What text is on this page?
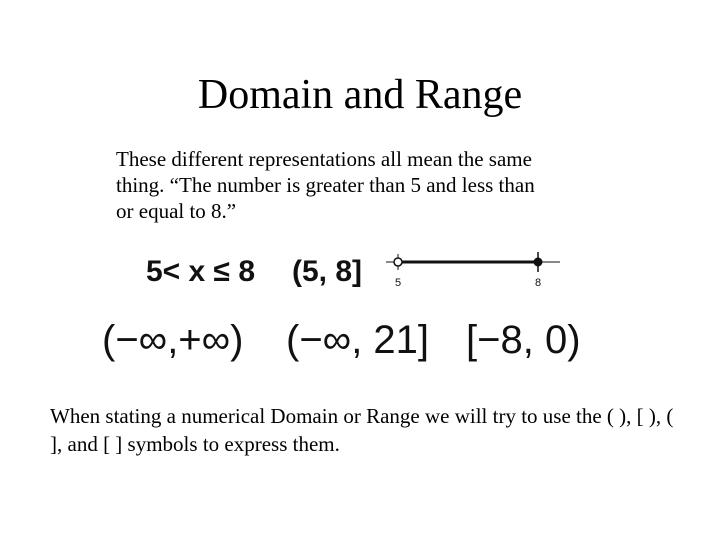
Domain and Range

These different representations all mean the same thing. “The number is greater than 5 and less than or equal to 8.”

5< x ≤ 8 (5, 8]	5	8
(−∞,+∞) (−∞, 21] [−8, 0)

When stating a numerical Domain or Range we will try to use the ( ), [ ), ( ], and [ ] symbols to express them.
